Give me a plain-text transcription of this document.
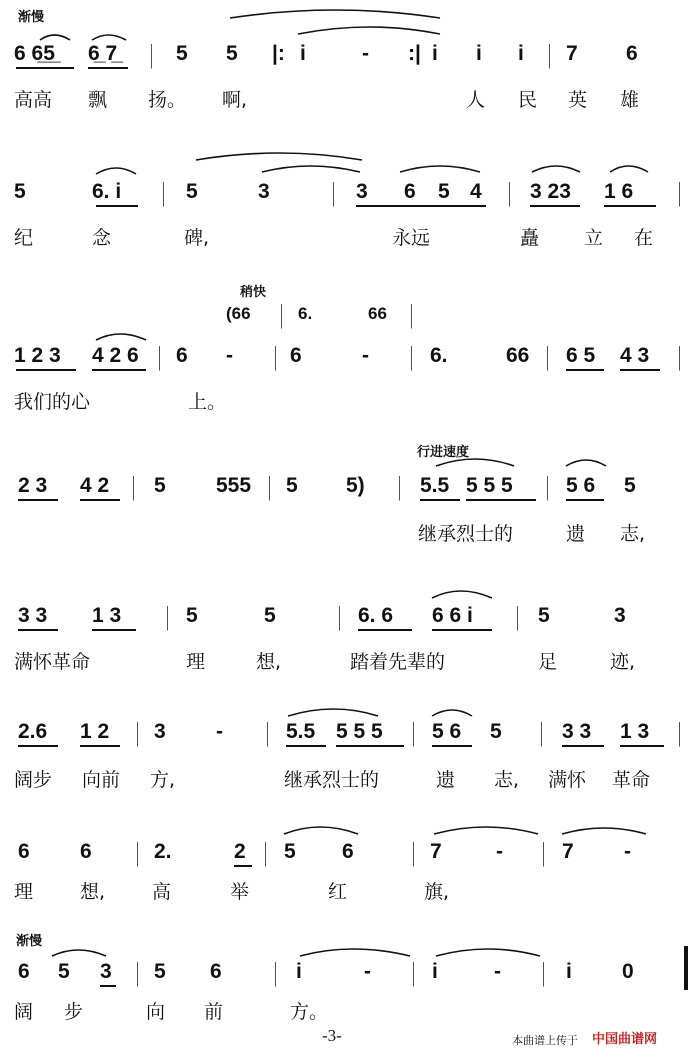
渐慢
稍快
行进速度
渐慢
6 6̲5̲ 6̲ 7̲ | 5 5 |: i	- :| i i i | 7 6
高高 飘 扬。 啊,	人 民 英 雄
5	6. i | 5	3 | 3 6 5 4 | 3 23 1 6 |
纪	念	碑,	永远	矗 立 在
(66 | 6.	66 |
1 2 3 4 2 6 | 6 - | 6	- | 6.	66 | 6 5 4 3 |
我们的心	上。
2 3 4 2 | 5 555 | 5 5) | 5.5 5 5 5 | 5 6 5
继承烈士的	遗 志,
3 3 1 3 | 5	5 | 6. 6 6 6 i | 5	3
满怀革命	理	想,	踏着先辈的	足	迹,
2.6 1 2 | 3 - | 5.5 5 5 5 | 5 6 5 | 3 3 1 3 |
阔步 向前 方,	继承烈士的	遗 志, 满怀 革命
6 6 | 2.	2 | 5 6 | 7	- | 7 -
理 想, 高	举	红	旗,
6 5 3 | 5 6 | i	- | i	- | i 0
阔 步	向 前	方。
-3-	本曲谱上传于 中国曲谱网
